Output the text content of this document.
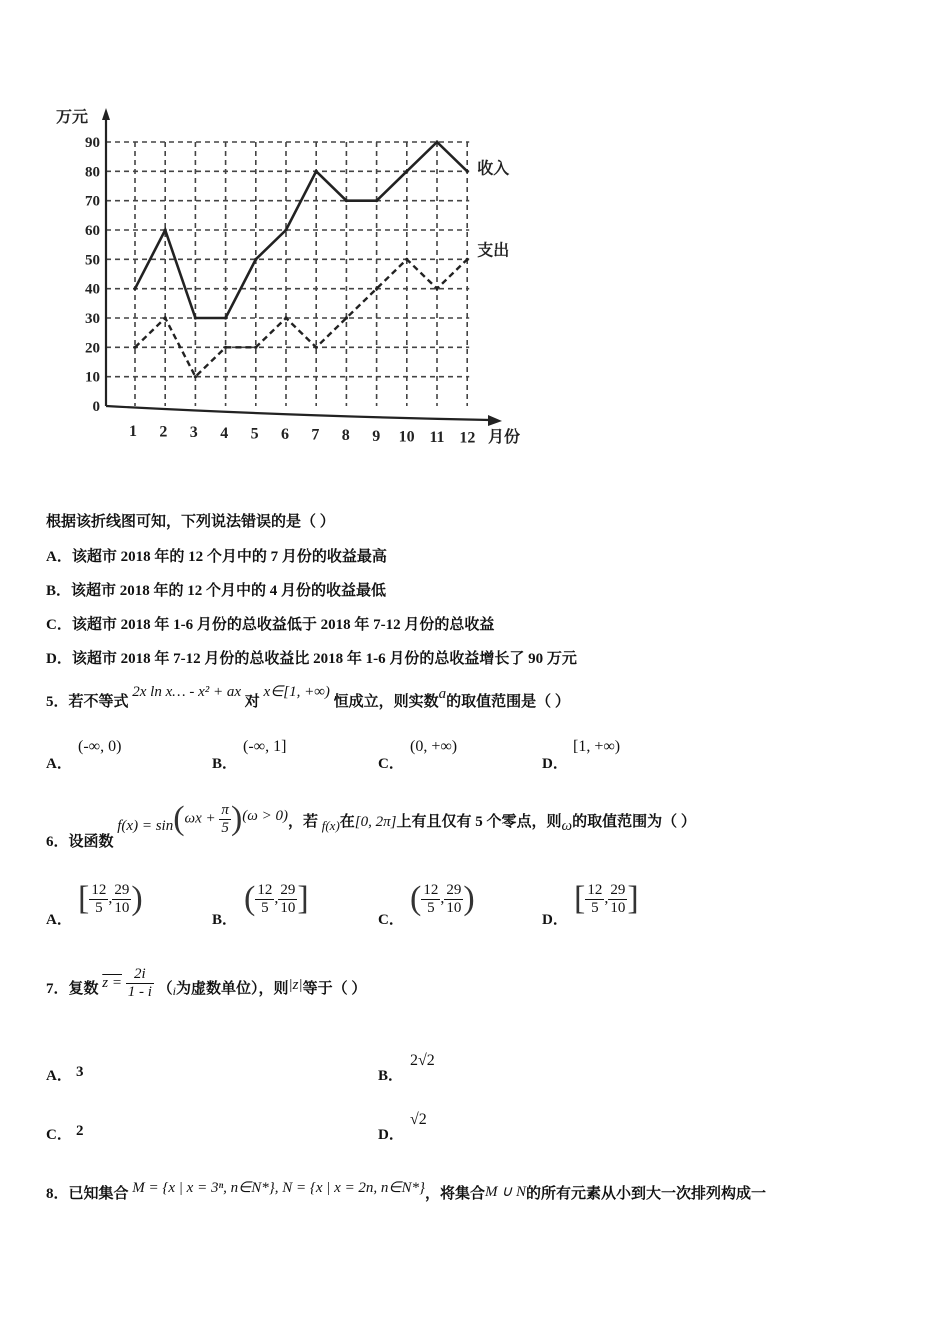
0
10
20
30
40
50
60
70
80
90
1 2 3 4 5 6 7 8 9 10 11 12
万元
月份
收入
支出
根据该折线图可知，下列说法错误的是（ ）
A．该超市 2018 年的 12 个月中的 7 月份的收益最高
B．该超市 2018 年的 12 个月中的 4 月份的收益最低
C．该超市 2018 年 1-6 月份的总收益低于 2018 年 7-12 月份的总收益
D．该超市 2018 年 7-12 月份的总收益比 2018 年 1-6 月份的总收益增长了 90 万元
5．若不等式 2x ln x… - x² + ax 对 x∈[1, +∞) 恒成立，则实数a的取值范围是（ ）
A．
(-∞, 0)
B．
(-∞, 1]
C．
(0, +∞)
D．
[1, +∞)
6．设函数 $f(x) = \sin(\omega x + \frac{\pi}{5} )(\omega > 0)$，若 f(x)在[0, 2π]上有且仅有 5 个零点，则ω的取值范围为（ ）
A．
[ $\frac{12}{5}$ , $\frac{29}{10}$ )
B．
( $\frac{12}{5}$ , $\frac{29}{10}$ ]
C．
( $\frac{12}{5}$ , $\frac{29}{10}$ )
D．
[ $\frac{12}{5}$ , $\frac{29}{10}$ ]
7．复数 $z = \frac{2i}{1 - i} (_i$为虚数单位），则|z|等于（ ）
A． 3	B．
2√2
C． 2	D．
√2
8．已知集合 M = {x | x = 3ⁿ, n∈N*}, N = {x | x = 2n, n∈N*}，将集合M ∪ N的所有元素从小到大一次排列构成一
